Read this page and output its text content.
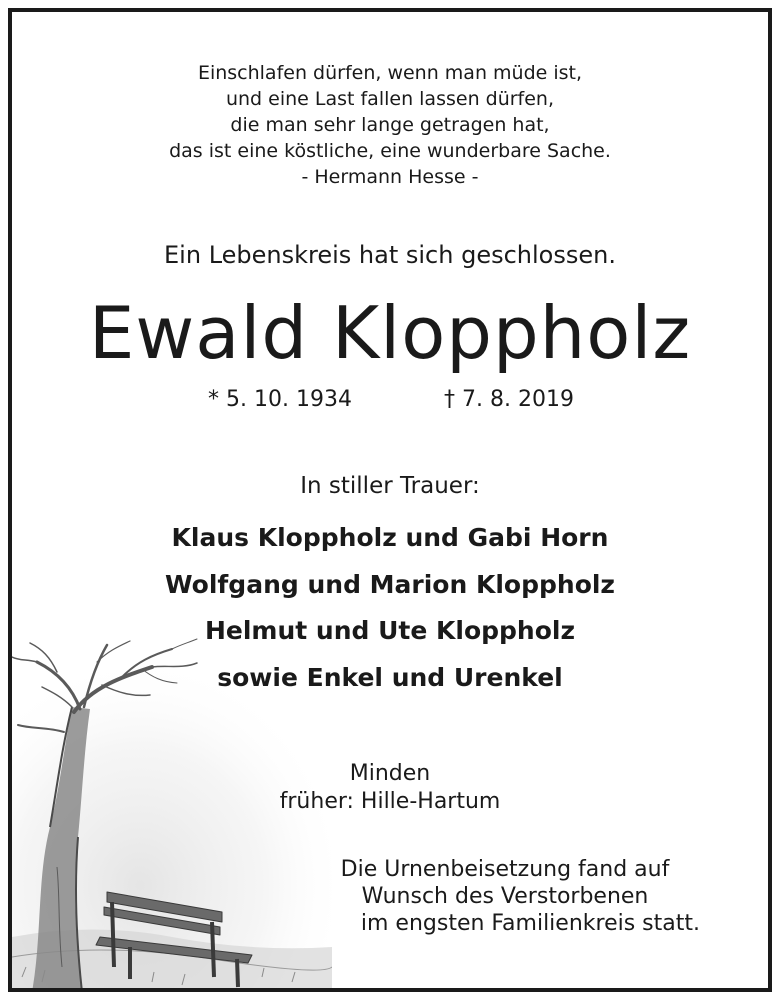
Einschlafen dürfen, wenn man müde ist,
und eine Last fallen lassen dürfen,
die man sehr lange getragen hat,
das ist eine köstliche, eine wunderbare Sache.
- Hermann Hesse -
Ein Lebenskreis hat sich geschlossen.
Ewald Kloppholz
* 5. 10. 1934	† 7. 8. 2019
In stiller Trauer:
Klaus Kloppholz und Gabi Horn
Wolfgang und Marion Kloppholz
Helmut und Ute Kloppholz
sowie Enkel und Urenkel
Minden
früher: Hille-Hartum
Die Urnenbeisetzung fand auf
Wunsch des Verstorbenen
im engsten Familienkreis statt.
